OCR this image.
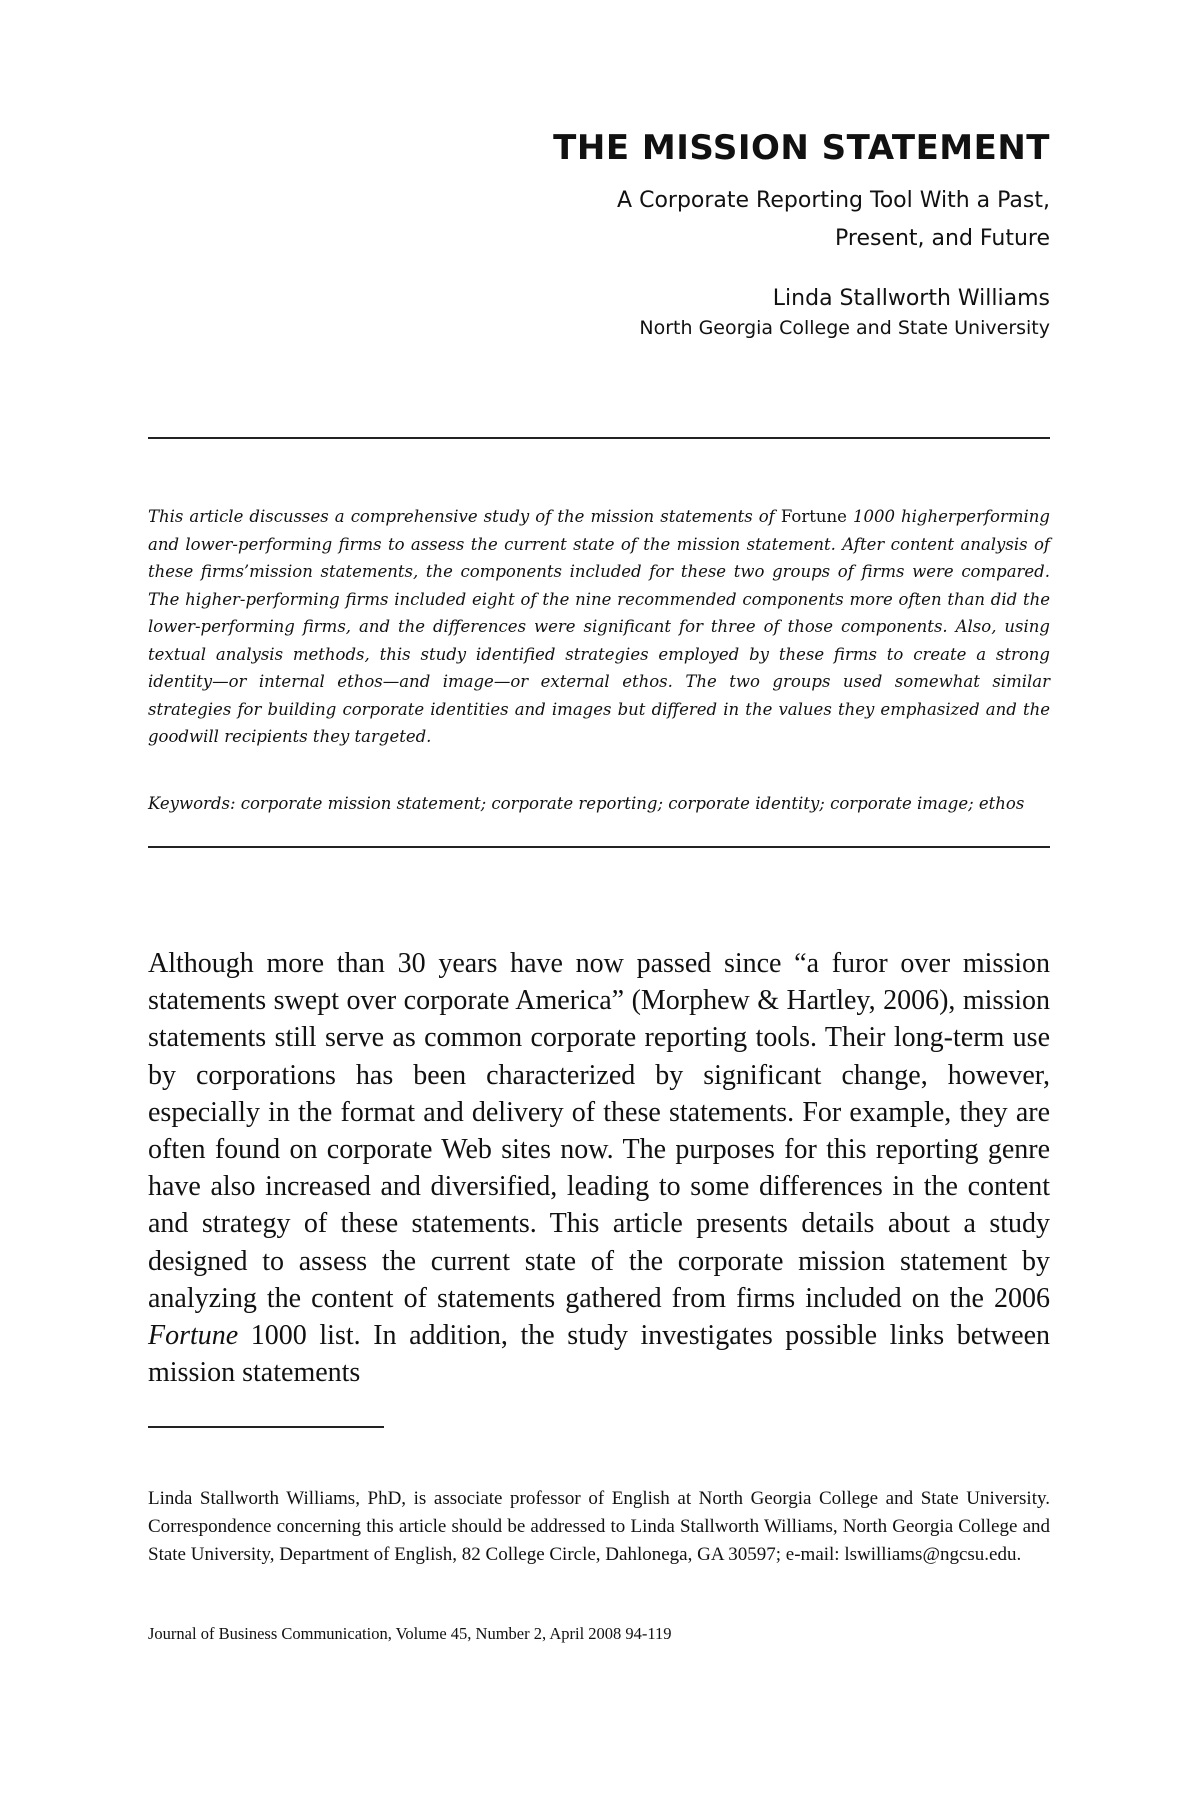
THE MISSION STATEMENT
A Corporate Reporting Tool With a Past,
Present, and Future
Linda Stallworth Williams
North Georgia College and State University
This article discusses a comprehensive study of the mission statements of Fortune 1000 higherperforming and lower-performing firms to assess the current state of the mission statement. After content analysis of these firms’mission statements, the components included for these two groups of firms were compared. The higher-performing firms included eight of the nine recommended components more often than did the lower-performing firms, and the differences were significant for three of those components. Also, using textual analysis methods, this study identified strategies employed by these firms to create a strong identity—or internal ethos—and image—or external ethos. The two groups used somewhat similar strategies for building corporate identities and images but differed in the values they emphasized and the goodwill recipients they targeted.
Keywords: corporate mission statement; corporate reporting; corporate identity; corporate image; ethos
Although more than 30 years have now passed since “a furor over mission statements swept over corporate America” (Morphew & Hartley, 2006), mission statements still serve as common corporate reporting tools. Their long-term use by corporations has been characterized by significant change, however, especially in the format and delivery of these statements. For example, they are often found on corporate Web sites now. The purposes for this reporting genre have also increased and diversified, leading to some differences in the content and strategy of these statements. This article presents details about a study designed to assess the current state of the corporate mission statement by analyzing the content of statements gathered from firms included on the 2006 Fortune 1000 list. In addition, the study investigates possible links between mission statements
Linda Stallworth Williams, PhD, is associate professor of English at North Georgia College and State University. Correspondence concerning this article should be addressed to Linda Stallworth Williams, North Georgia College and State University, Department of English, 82 College Circle, Dahlonega, GA 30597; e-mail: lswilliams@ngcsu.edu.
Journal of Business Communication, Volume 45, Number 2, April 2008 94-119
